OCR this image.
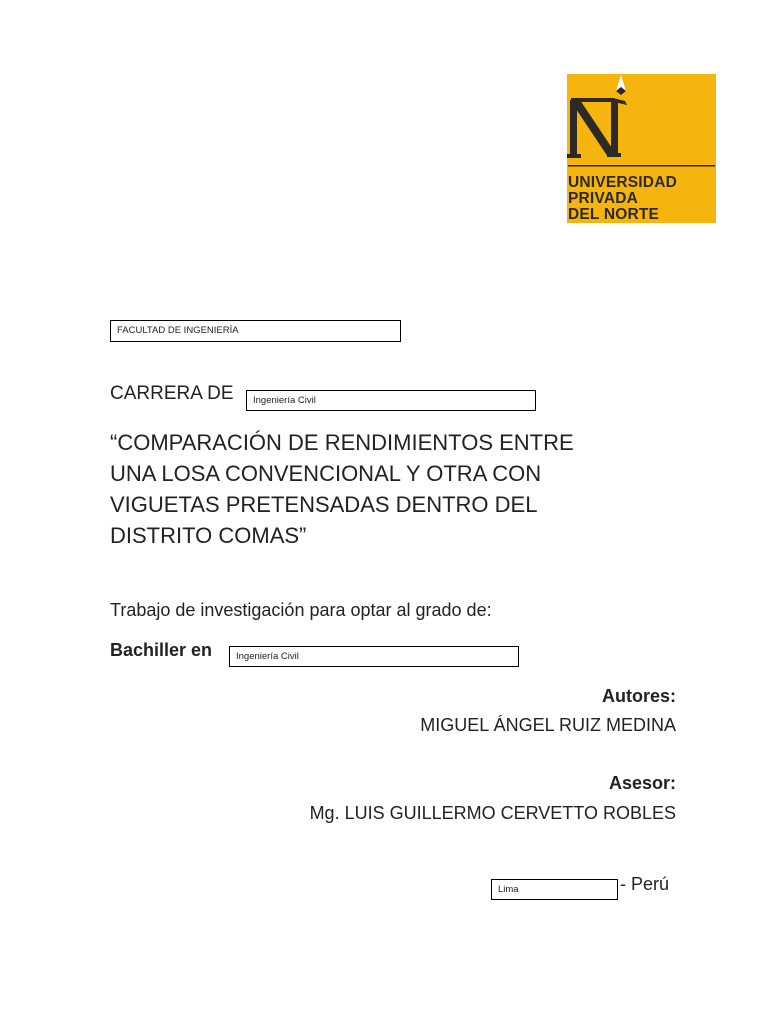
UNIVERSIDAD
PRIVADA
DEL NORTE
FACULTAD DE INGENIERÍA
CARRERA DE	Ingeniería Civil
“COMPARACIÓN DE RENDIMIENTOS ENTRE
UNA LOSA CONVENCIONAL Y OTRA CON
VIGUETAS PRETENSADAS DENTRO DEL
DISTRITO COMAS”
Trabajo de investigación para optar al grado de:
Bachiller en	Ingeniería Civil
Autores:
MIGUEL ÁNGEL RUIZ MEDINA
Asesor:
Mg. LUIS GUILLERMO CERVETTO ROBLES
Lima	- Perú
